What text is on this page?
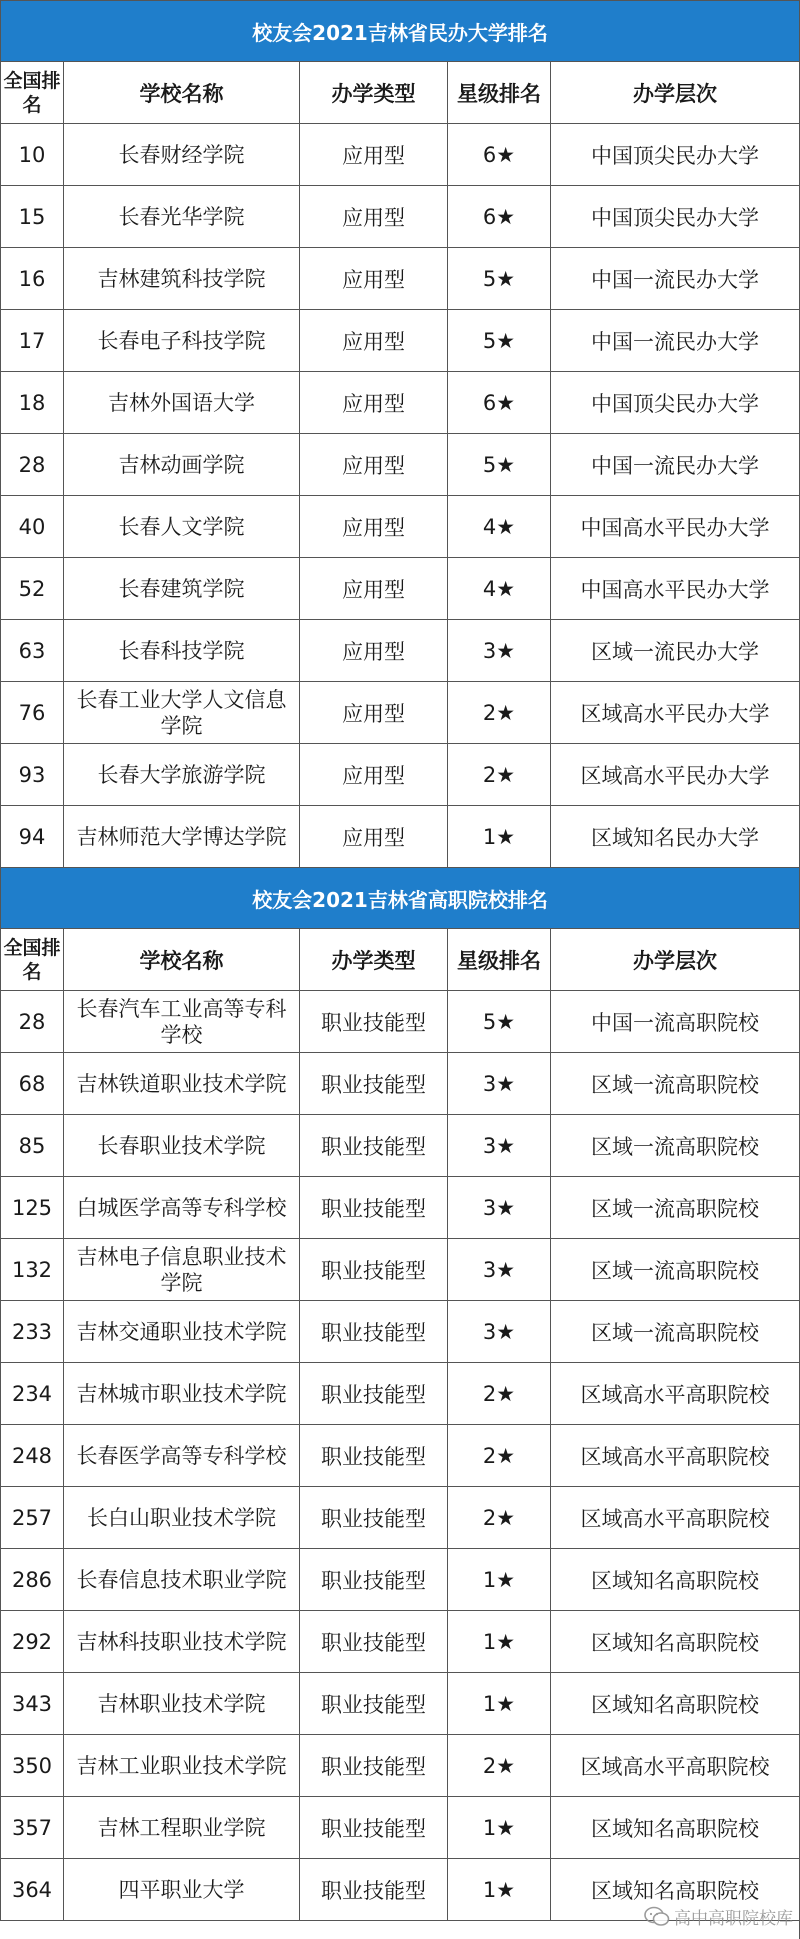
校友会2021吉林省民办大学排名				
全国排名	学校名称	办学类型	星级排名	办学层次
10	长春财经学院	应用型	6★	中国顶尖民办大学
15	长春光华学院	应用型	6★	中国顶尖民办大学
16	吉林建筑科技学院	应用型	5★	中国一流民办大学
17	长春电子科技学院	应用型	5★	中国一流民办大学
18	吉林外国语大学	应用型	6★	中国顶尖民办大学
28	吉林动画学院	应用型	5★	中国一流民办大学
40	长春人文学院	应用型	4★	中国高水平民办大学
52	长春建筑学院	应用型	4★	中国高水平民办大学
63	长春科技学院	应用型	3★	区域一流民办大学
76	长春工业大学人文信息学院	应用型	2★	区域高水平民办大学
93	长春大学旅游学院	应用型	2★	区域高水平民办大学
94	吉林师范大学博达学院	应用型	1★	区域知名民办大学
校友会2021吉林省高职院校排名				
全国排名	学校名称	办学类型	星级排名	办学层次
28	长春汽车工业高等专科学校	职业技能型	5★	中国一流高职院校
68	吉林铁道职业技术学院	职业技能型	3★	区域一流高职院校
85	长春职业技术学院	职业技能型	3★	区域一流高职院校
125	白城医学高等专科学校	职业技能型	3★	区域一流高职院校
132	吉林电子信息职业技术学院	职业技能型	3★	区域一流高职院校
233	吉林交通职业技术学院	职业技能型	3★	区域一流高职院校
234	吉林城市职业技术学院	职业技能型	2★	区域高水平高职院校
248	长春医学高等专科学校	职业技能型	2★	区域高水平高职院校
257	长白山职业技术学院	职业技能型	2★	区域高水平高职院校
286	长春信息技术职业学院	职业技能型	1★	区域知名高职院校
292	吉林科技职业技术学院	职业技能型	1★	区域知名高职院校
343	吉林职业技术学院	职业技能型	1★	区域知名高职院校
350	吉林工业职业技术学院	职业技能型	2★	区域高水平高职院校
357	吉林工程职业学院	职业技能型	1★	区域知名高职院校
364	四平职业大学	职业技能型	1★	区域知名高职院校
高中高职院校库
